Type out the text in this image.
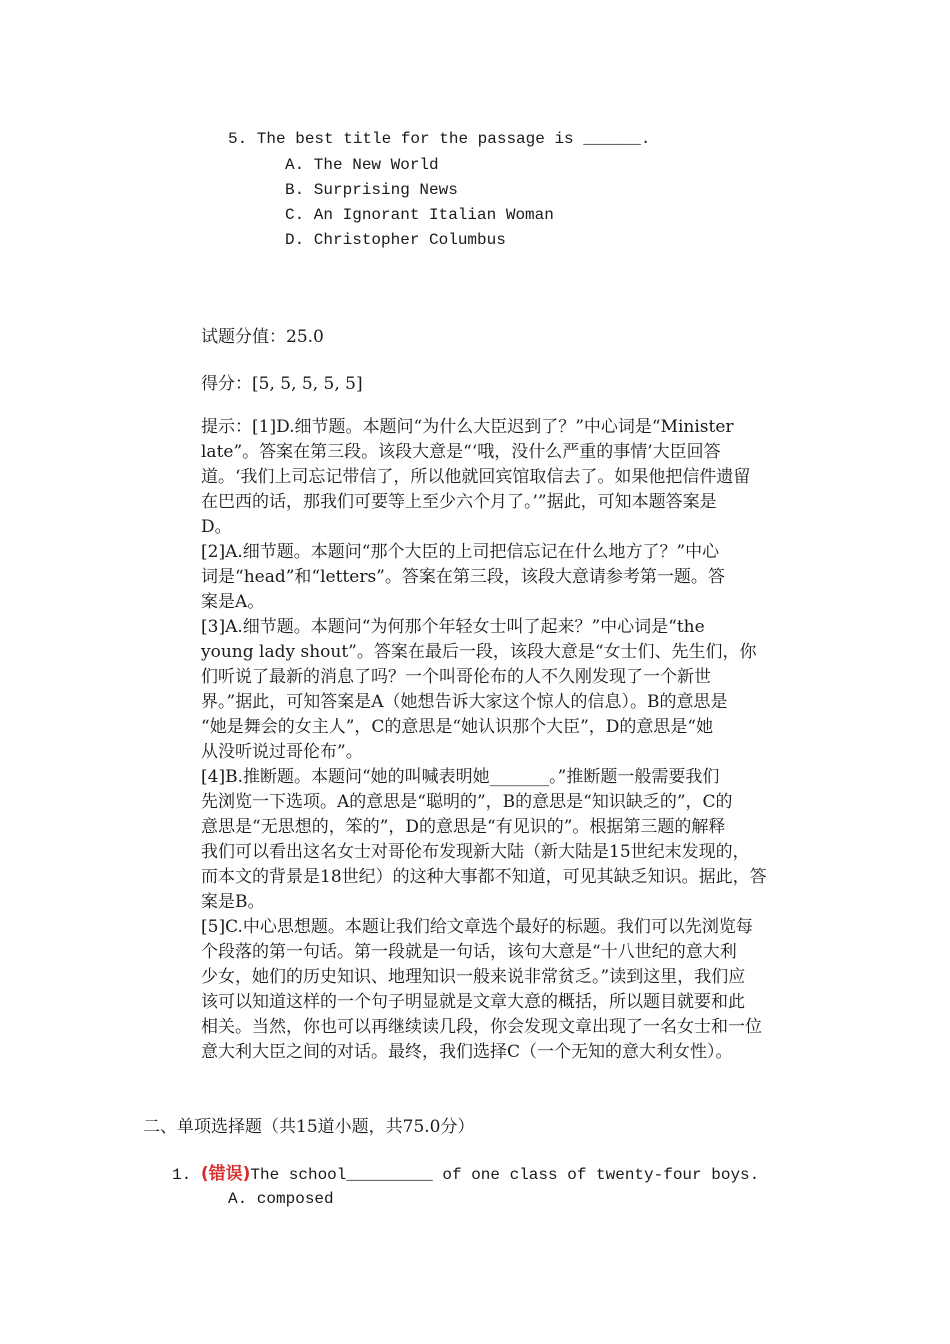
5. The best title for the passage is ______.
A. The New World
B. Surprising News
C. An Ignorant Italian Woman
D. Christopher Columbus
试题分值：25.0
得分：[5, 5, 5, 5, 5]
提示：[1]D.细节题。本题问“为什么大臣迟到了？”中心词是“Minister
late”。答案在第三段。该段大意是“‘哦，没什么严重的事情’大臣回答
道。‘我们上司忘记带信了，所以他就回宾馆取信去了。如果他把信件遗留
在巴西的话，那我们可要等上至少六个月了。’”据此，可知本题答案是
D。
[2]A.细节题。本题问“那个大臣的上司把信忘记在什么地方了？”中心
词是“head”和“letters”。答案在第三段，该段大意请参考第一题。答
案是A。
[3]A.细节题。本题问“为何那个年轻女士叫了起来？”中心词是“the
young lady shout”。答案在最后一段，该段大意是“女士们、先生们，你
们听说了最新的消息了吗？一个叫哥伦布的人不久刚发现了一个新世
界。”据此，可知答案是A（她想告诉大家这个惊人的信息）。B的意思是
“她是舞会的女主人”，C的意思是“她认识那个大臣”，D的意思是“她
从没听说过哥伦布”。
[4]B.推断题。本题问“她的叫喊表明她_______。”推断题一般需要我们
先浏览一下选项。A的意思是“聪明的”，B的意思是“知识缺乏的”，C的
意思是“无思想的，笨的”，D的意思是“有见识的”。根据第三题的解释
我们可以看出这名女士对哥伦布发现新大陆（新大陆是15世纪末发现的，
而本文的背景是18世纪）的这种大事都不知道，可见其缺乏知识。据此，答
案是B。
[5]C.中心思想题。本题让我们给文章选个最好的标题。我们可以先浏览每
个段落的第一句话。第一段就是一句话，该句大意是“十八世纪的意大利
少女，她们的历史知识、地理知识一般来说非常贫乏。”读到这里，我们应
该可以知道这样的一个句子明显就是文章大意的概括，所以题目就要和此
相关。当然，你也可以再继续读几段，你会发现文章出现了一名女士和一位
意大利大臣之间的对话。最终，我们选择C（一个无知的意大利女性）。
二、单项选择题（共15道小题，共75.0分）
1. (错误)The school_________ of one class of twenty-four boys.
A. composed
